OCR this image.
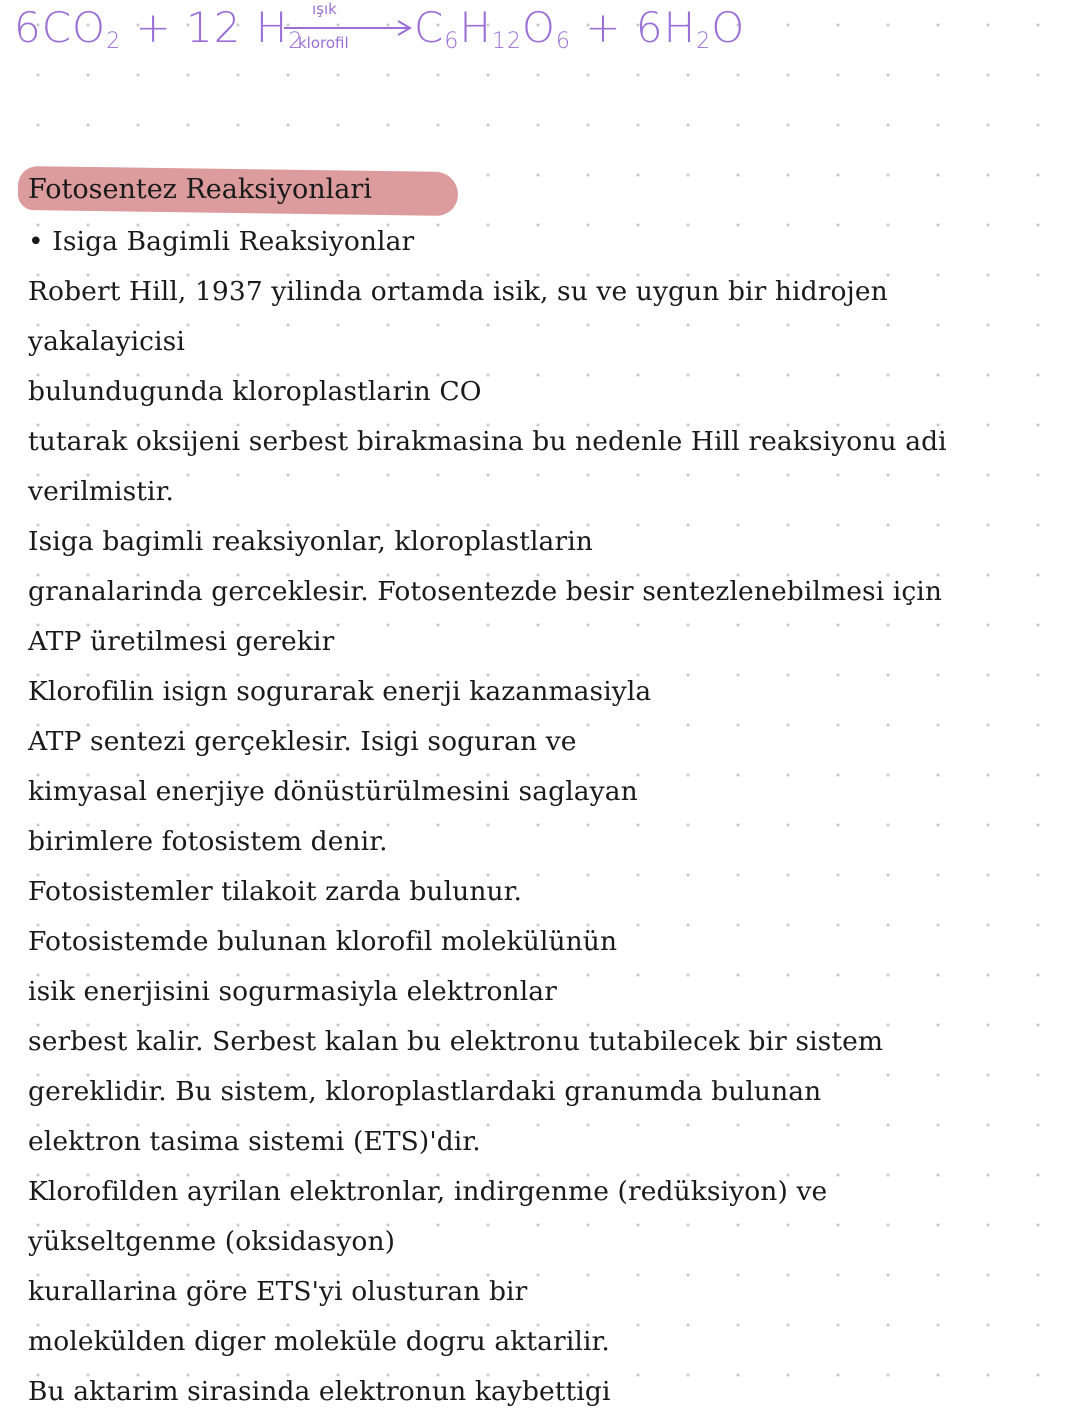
$6CO_2 + 12$ $H_2$
ışık
klorofil $C_6H_{12}O_6 + 6H_2O$
Fotosentez Reaksiyonlari
• Isiga Bagimli Reaksiyonlar
Robert Hill, 1937 yilinda ortamda isik, su ve uygun bir hidrojen
yakalayicisi
bulundugunda kloroplastlarin CO
tutarak oksijeni serbest birakmasina bu nedenle Hill reaksiyonu adi
verilmistir.
Isiga bagimli reaksiyonlar, kloroplastlarin
granalarinda gerceklesir. Fotosentezde besir sentezlenebilmesi için
ATP üretilmesi gerekir
Klorofilin isign sogurarak enerji kazanmasiyla
ATP sentezi gerçeklesir. Isigi soguran ve
kimyasal enerjiye dönüstürülmesini saglayan
birimlere fotosistem denir.
Fotosistemler tilakoit zarda bulunur.
Fotosistemde bulunan klorofil molekülünün
isik enerjisini sogurmasiyla elektronlar
serbest kalir. Serbest kalan bu elektronu tutabilecek bir sistem
gereklidir. Bu sistem, kloroplastlardaki granumda bulunan
elektron tasima sistemi (ETS)'dir.
Klorofilden ayrilan elektronlar, indirgenme (redüksiyon) ve
yükseltgenme (oksidasyon)
kurallarina göre ETS'yi olusturan bir
molekülden diger moleküle dogru aktarilir.
Bu aktarim sirasinda elektronun kaybettigi
